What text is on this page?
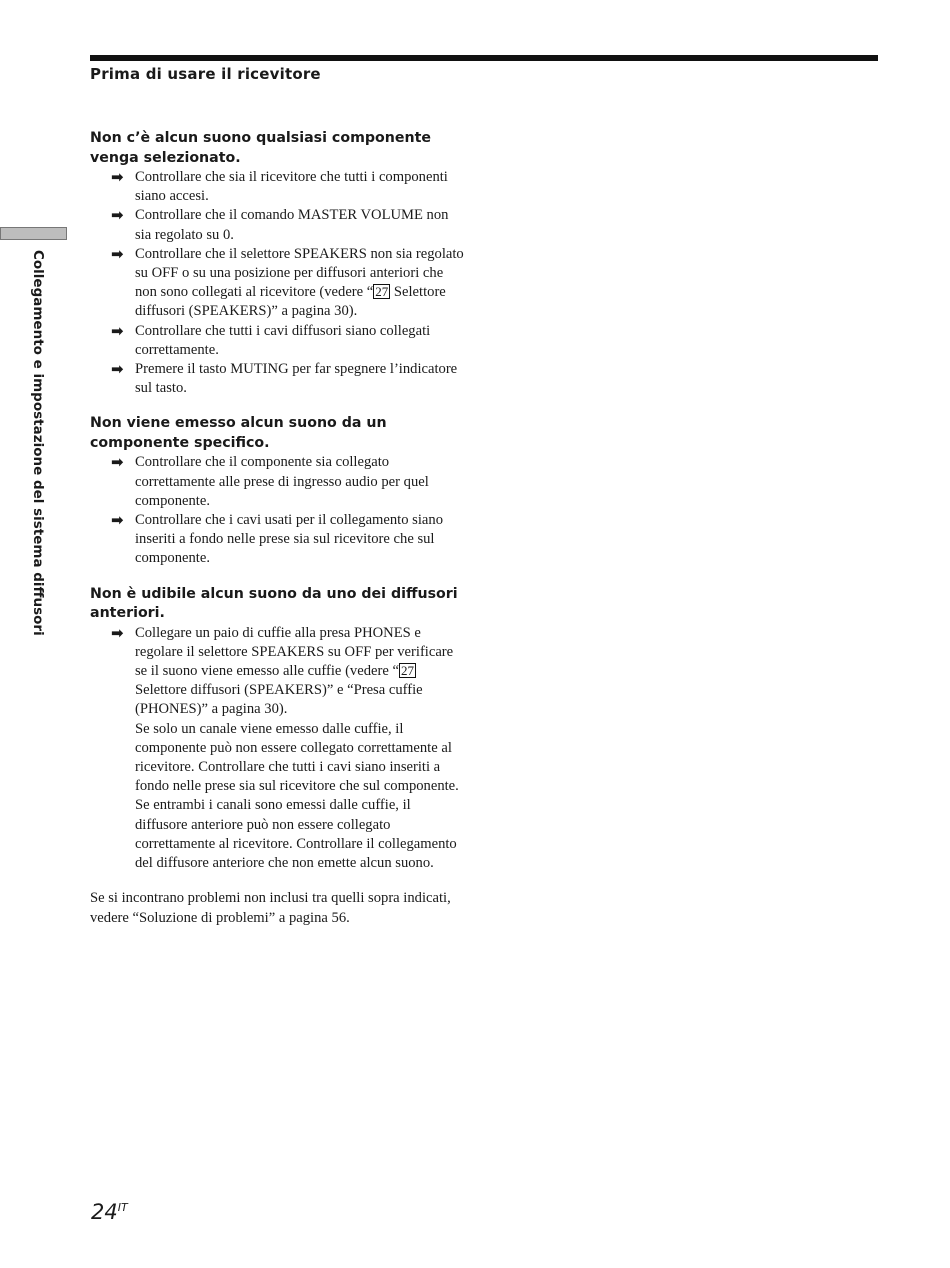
Prima di usare il ricevitore
Collegamento e impostazione del sistema diffusori
Non c’è alcun suono qualsiasi componente venga selezionato.
➡ Controllare che sia il ricevitore che tutti i componenti siano accesi.
➡ Controllare che il comando MASTER VOLUME non sia regolato su 0.
➡ Controllare che il selettore SPEAKERS non sia regolato su OFF o su una posizione per diffusori anteriori che non sono collegati al ricevitore (vedere “ 27 Selettore diffusori (SPEAKERS)” a pagina 30).
➡ Controllare che tutti i cavi diffusori siano collegati correttamente.
➡ Premere il tasto MUTING per far spegnere l’indicatore sul tasto.
Non viene emesso alcun suono da un componente specifico.
➡ Controllare che il componente sia collegato correttamente alle prese di ingresso audio per quel componente.
➡ Controllare che i cavi usati per il collegamento siano inseriti a fondo nelle prese sia sul ricevitore che sul componente.
Non è udibile alcun suono da uno dei diffusori anteriori.
➡ Collegare un paio di cuffie alla presa PHONES e regolare il selettore SPEAKERS su OFF per verificare se il suono viene emesso alle cuffie (vedere “ 27 Selettore diffusori (SPEAKERS)” e “Presa cuffie (PHONES)” a pagina 30).
Se solo un canale viene emesso dalle cuffie, il componente può non essere collegato correttamente al ricevitore. Controllare che tutti i cavi siano inseriti a fondo nelle prese sia sul ricevitore che sul componente.
Se entrambi i canali sono emessi dalle cuffie, il diffusore anteriore può non essere collegato correttamente al ricevitore. Controllare il collegamento del diffusore anteriore che non emette alcun suono.
Se si incontrano problemi non inclusi tra quelli sopra indicati, vedere “Soluzione di problemi” a pagina 56.
$24^{IT}$
